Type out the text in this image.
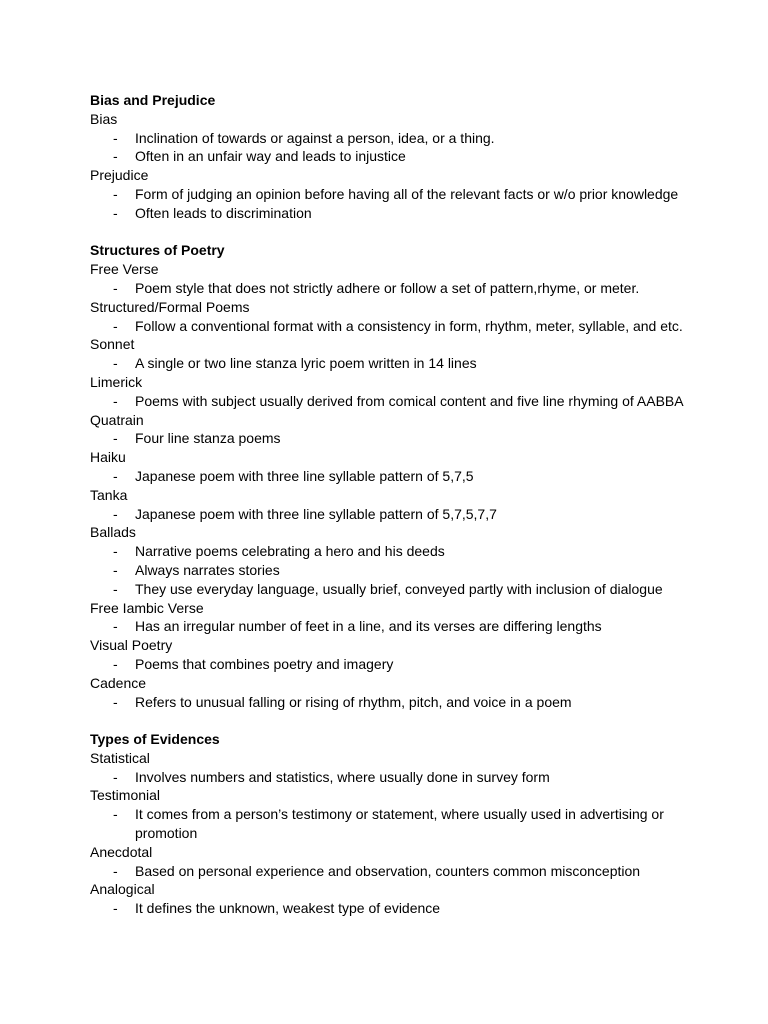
Bias and Prejudice
Bias
- Inclination of towards or against a person, idea, or a thing.
- Often in an unfair way and leads to injustice
Prejudice
- Form of judging an opinion before having all of the relevant facts or w/o prior knowledge
- Often leads to discrimination
Structures of Poetry
Free Verse
- Poem style that does not strictly adhere or follow a set of pattern,rhyme, or meter.
Structured/Formal Poems
- Follow a conventional format with a consistency in form, rhythm, meter, syllable, and etc.
Sonnet
- A single or two line stanza lyric poem written in 14 lines
Limerick
- Poems with subject usually derived from comical content and five line rhyming of AABBA
Quatrain
- Four line stanza poems
Haiku
- Japanese poem with three line syllable pattern of 5,7,5
Tanka
- Japanese poem with three line syllable pattern of 5,7,5,7,7
Ballads
- Narrative poems celebrating a hero and his deeds
- Always narrates stories
- They use everyday language, usually brief, conveyed partly with inclusion of dialogue
Free Iambic Verse
- Has an irregular number of feet in a line, and its verses are differing lengths
Visual Poetry
- Poems that combines poetry and imagery
Cadence
- Refers to unusual falling or rising of rhythm, pitch, and voice in a poem
Types of Evidences
Statistical
- Involves numbers and statistics, where usually done in survey form
Testimonial
- It comes from a person’s testimony or statement, where usually used in advertising or promotion
Anecdotal
- Based on personal experience and observation, counters common misconception
Analogical
- It defines the unknown, weakest type of evidence
